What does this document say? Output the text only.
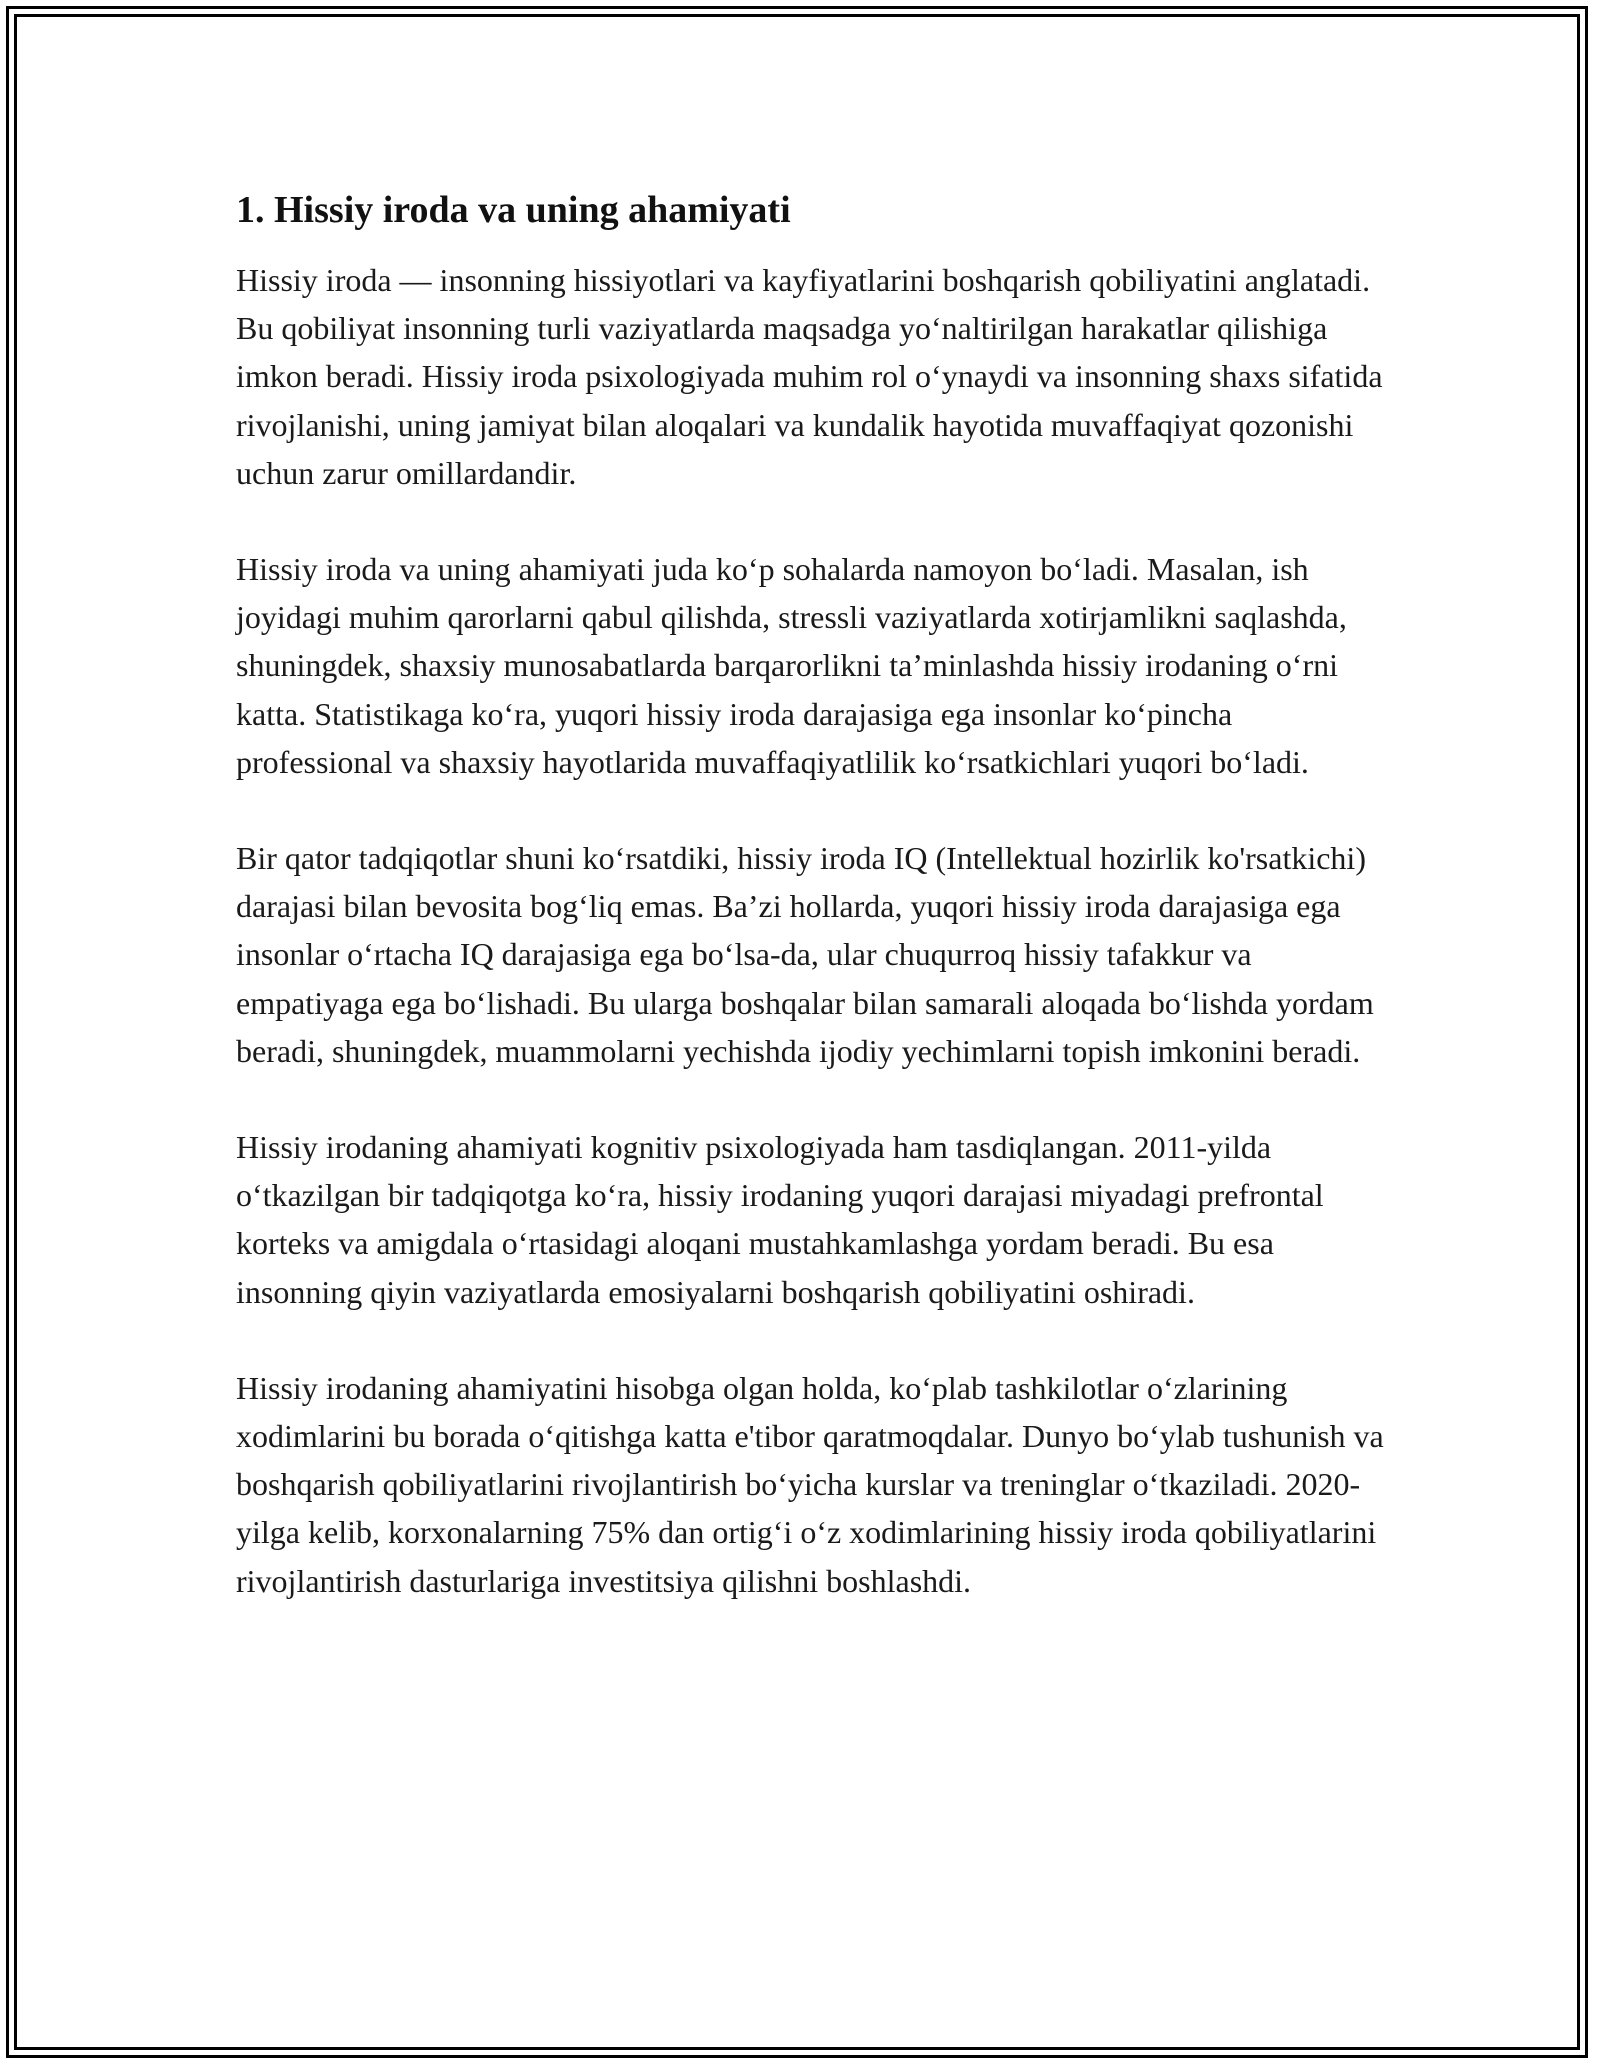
1. Hissiy iroda va uning ahamiyati

Hissiy iroda — insonning hissiyotlari va kayfiyatlarini boshqarish qobiliyatini anglatadi. Bu qobiliyat insonning turli vaziyatlarda maqsadga yo‘naltirilgan harakatlar qilishiga imkon beradi. Hissiy iroda psixologiyada muhim rol o‘ynaydi va insonning shaxs sifatida rivojlanishi, uning jamiyat bilan aloqalari va kundalik hayotida muvaffaqiyat qozonishi uchun zarur omillardandir.

Hissiy iroda va uning ahamiyati juda ko‘p sohalarda namoyon bo‘ladi. Masalan, ish joyidagi muhim qarorlarni qabul qilishda, stressli vaziyatlarda xotirjamlikni saqlashda, shuningdek, shaxsiy munosabatlarda barqarorlikni ta’minlashda hissiy irodaning o‘rni katta. Statistikaga ko‘ra, yuqori hissiy iroda darajasiga ega insonlar ko‘pincha professional va shaxsiy hayotlarida muvaffaqiyatlilik ko‘rsatkichlari yuqori bo‘ladi.

Bir qator tadqiqotlar shuni ko‘rsatdiki, hissiy iroda IQ (Intellektual hozirlik ko'rsatkichi) darajasi bilan bevosita bog‘liq emas. Ba’zi hollarda, yuqori hissiy iroda darajasiga ega insonlar o‘rtacha IQ darajasiga ega bo‘lsa-da, ular chuqurroq hissiy tafakkur va empatiyaga ega bo‘lishadi. Bu ularga boshqalar bilan samarali aloqada bo‘lishda yordam beradi, shuningdek, muammolarni yechishda ijodiy yechimlarni topish imkonini beradi.

Hissiy irodaning ahamiyati kognitiv psixologiyada ham tasdiqlangan. 2011-yilda o‘tkazilgan bir tadqiqotga ko‘ra, hissiy irodaning yuqori darajasi miyadagi prefrontal korteks va amigdala o‘rtasidagi aloqani mustahkamlashga yordam beradi. Bu esa insonning qiyin vaziyatlarda emosiyalarni boshqarish qobiliyatini oshiradi.

Hissiy irodaning ahamiyatini hisobga olgan holda, ko‘plab tashkilotlar o‘zlarining xodimlarini bu borada o‘qitishga katta e'tibor qaratmoqdalar. Dunyo bo‘ylab tushunish va boshqarish qobiliyatlarini rivojlantirish bo‘yicha kurslar va treninglar o‘tkaziladi. 2020-yilga kelib, korxonalarning 75% dan ortig‘i o‘z xodimlarining hissiy iroda qobiliyatlarini rivojlantirish dasturlariga investitsiya qilishni boshlashdi.
